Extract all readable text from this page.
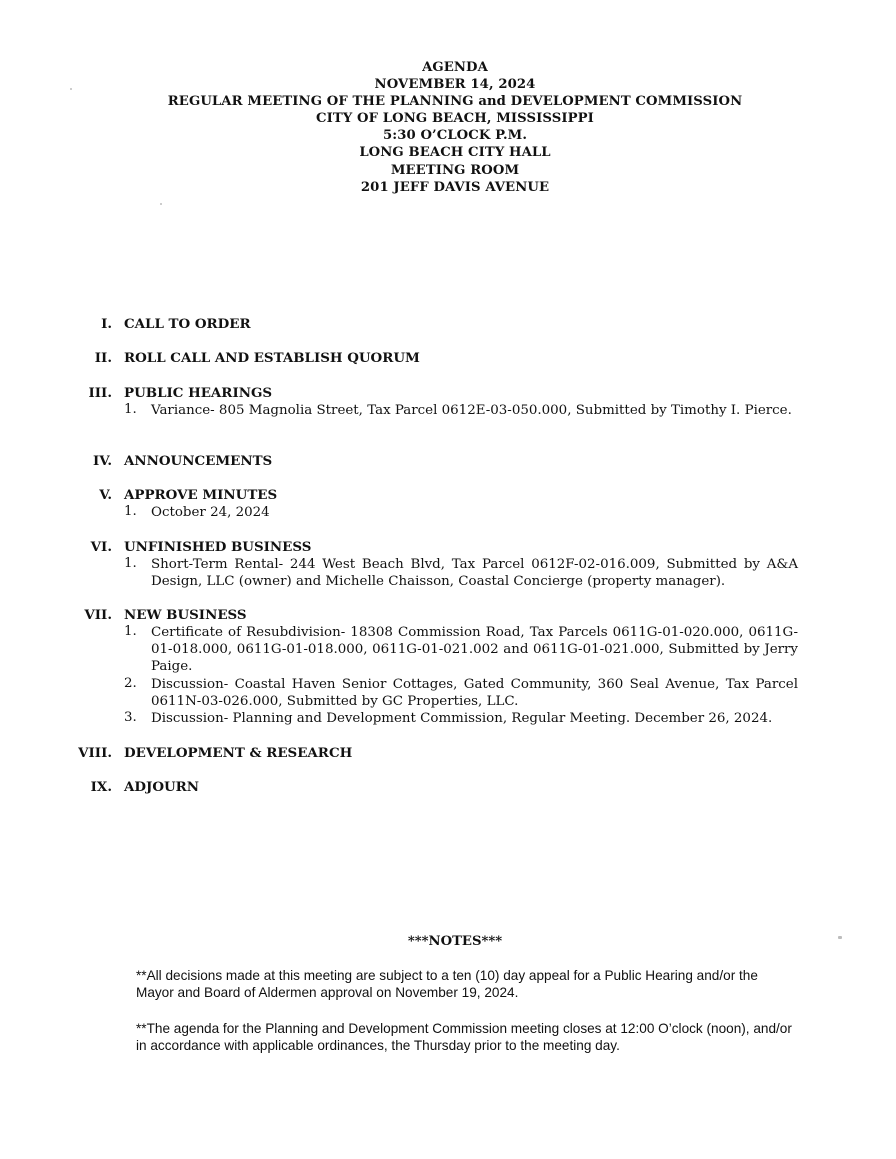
AGENDA
NOVEMBER 14, 2024
REGULAR MEETING OF THE PLANNING and DEVELOPMENT COMMISSION
CITY OF LONG BEACH, MISSISSIPPI
5:30 O’CLOCK P.M.
LONG BEACH CITY HALL
MEETING ROOM
201 JEFF DAVIS AVENUE
I. CALL TO ORDER
II. ROLL CALL AND ESTABLISH QUORUM
III. PUBLIC HEARINGS
1.	Variance- 805 Magnolia Street, Tax Parcel 0612E-03-050.000, Submitted by Timothy I. Pierce.
IV. ANNOUNCEMENTS
V. APPROVE MINUTES
1.	October 24, 2024
VI. UNFINISHED BUSINESS
1.	Short-Term Rental- 244 West Beach Blvd, Tax Parcel 0612F-02-016.009, Submitted by A&A Design, LLC (owner) and Michelle Chaisson, Coastal Concierge (property manager).
VII. NEW BUSINESS
1.	Certificate of Resubdivision- 18308 Commission Road, Tax Parcels 0611G-01-020.000, 0611G-01-018.000, 0611G-01-018.000, 0611G-01-021.002 and 0611G-01-021.000, Submitted by Jerry Paige.
2.	Discussion- Coastal Haven Senior Cottages, Gated Community, 360 Seal Avenue, Tax Parcel 0611N-03-026.000, Submitted by GC Properties, LLC.
3.	Discussion- Planning and Development Commission, Regular Meeting. December 26, 2024.
VIII. DEVELOPMENT & RESEARCH
IX. ADJOURN
***NOTES***
**All decisions made at this meeting are subject to a ten (10) day appeal for a Public Hearing and/or the Mayor and Board of Aldermen approval on November 19, 2024.
**The agenda for the Planning and Development Commission meeting closes at 12:00 O’clock (noon), and/or in accordance with applicable ordinances, the Thursday prior to the meeting day.
